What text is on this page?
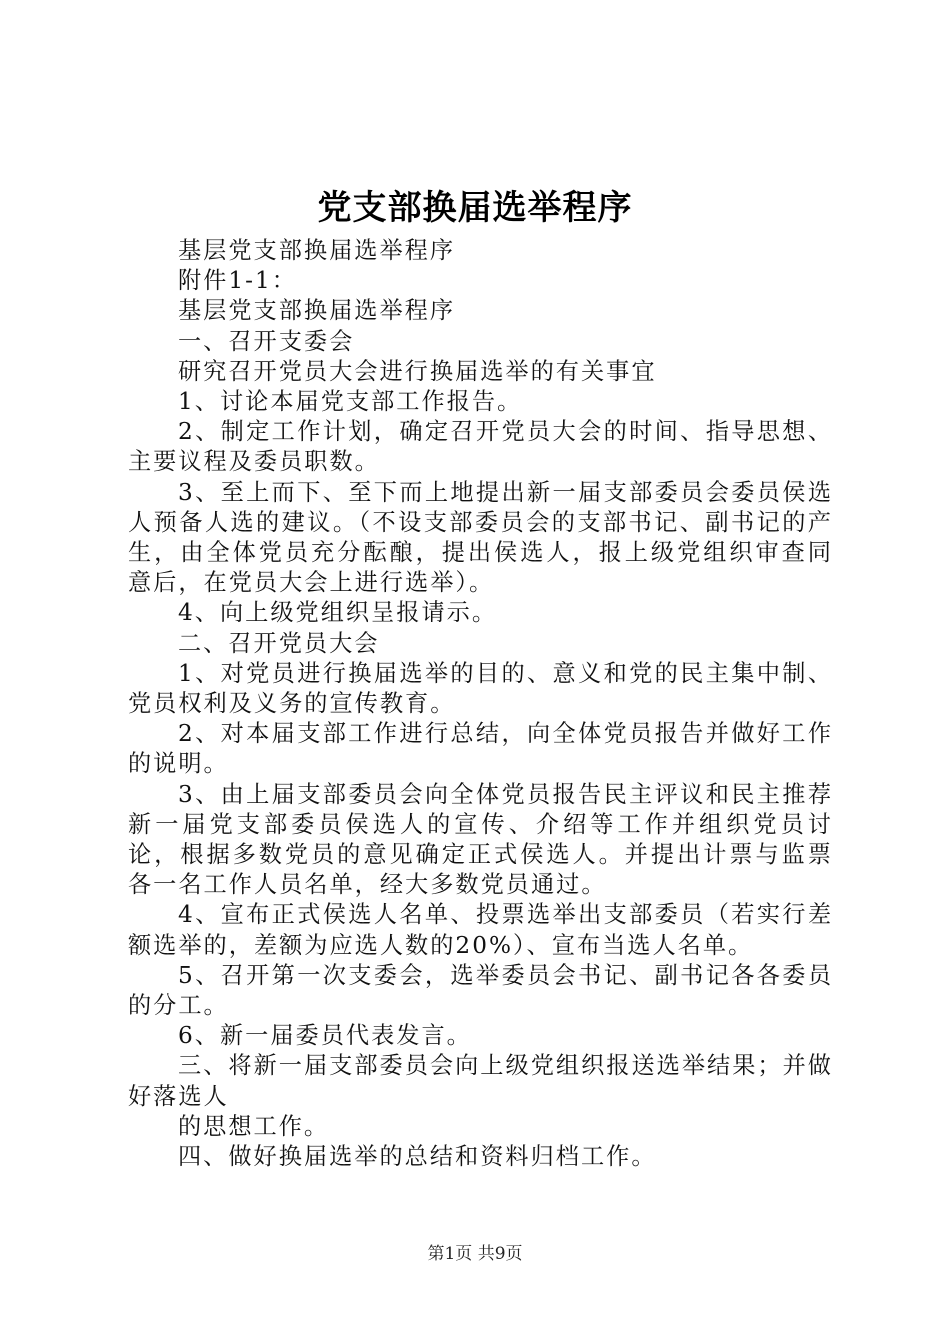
党支部换届选举程序

基层党支部换届选举程序

附件1-1：

基层党支部换届选举程序

一、召开支委会

研究召开党员大会进行换届选举的有关事宜

1、讨论本届党支部工作报告。

2、制定工作计划，确定召开党员大会的时间、指导思想、主要议程及委员职数。

3、至上而下、至下而上地提出新一届支部委员会委员侯选人预备人选的建议。（不设支部委员会的支部书记、副书记的产生，由全体党员充分酝酿，提出侯选人，报上级党组织审查同意后，在党员大会上进行选举）。

4、向上级党组织呈报请示。

二、召开党员大会

1、对党员进行换届选举的目的、意义和党的民主集中制、党员权利及义务的宣传教育。

2、对本届支部工作进行总结，向全体党员报告并做好工作的说明。

3、由上届支部委员会向全体党员报告民主评议和民主推荐新一届党支部委员侯选人的宣传、介绍等工作并组织党员讨论，根据多数党员的意见确定正式侯选人。并提出计票与监票各一名工作人员名单，经大多数党员通过。

4、宣布正式侯选人名单、投票选举出支部委员（若实行差额选举的，差额为应选人数的20%）、宣布当选人名单。

5、召开第一次支委会，选举委员会书记、副书记各各委员的分工。

6、新一届委员代表发言。

三、将新一届支部委员会向上级党组织报送选举结果；并做好落选人

的思想工作。

四、做好换届选举的总结和资料归档工作。

第1页 共9页
